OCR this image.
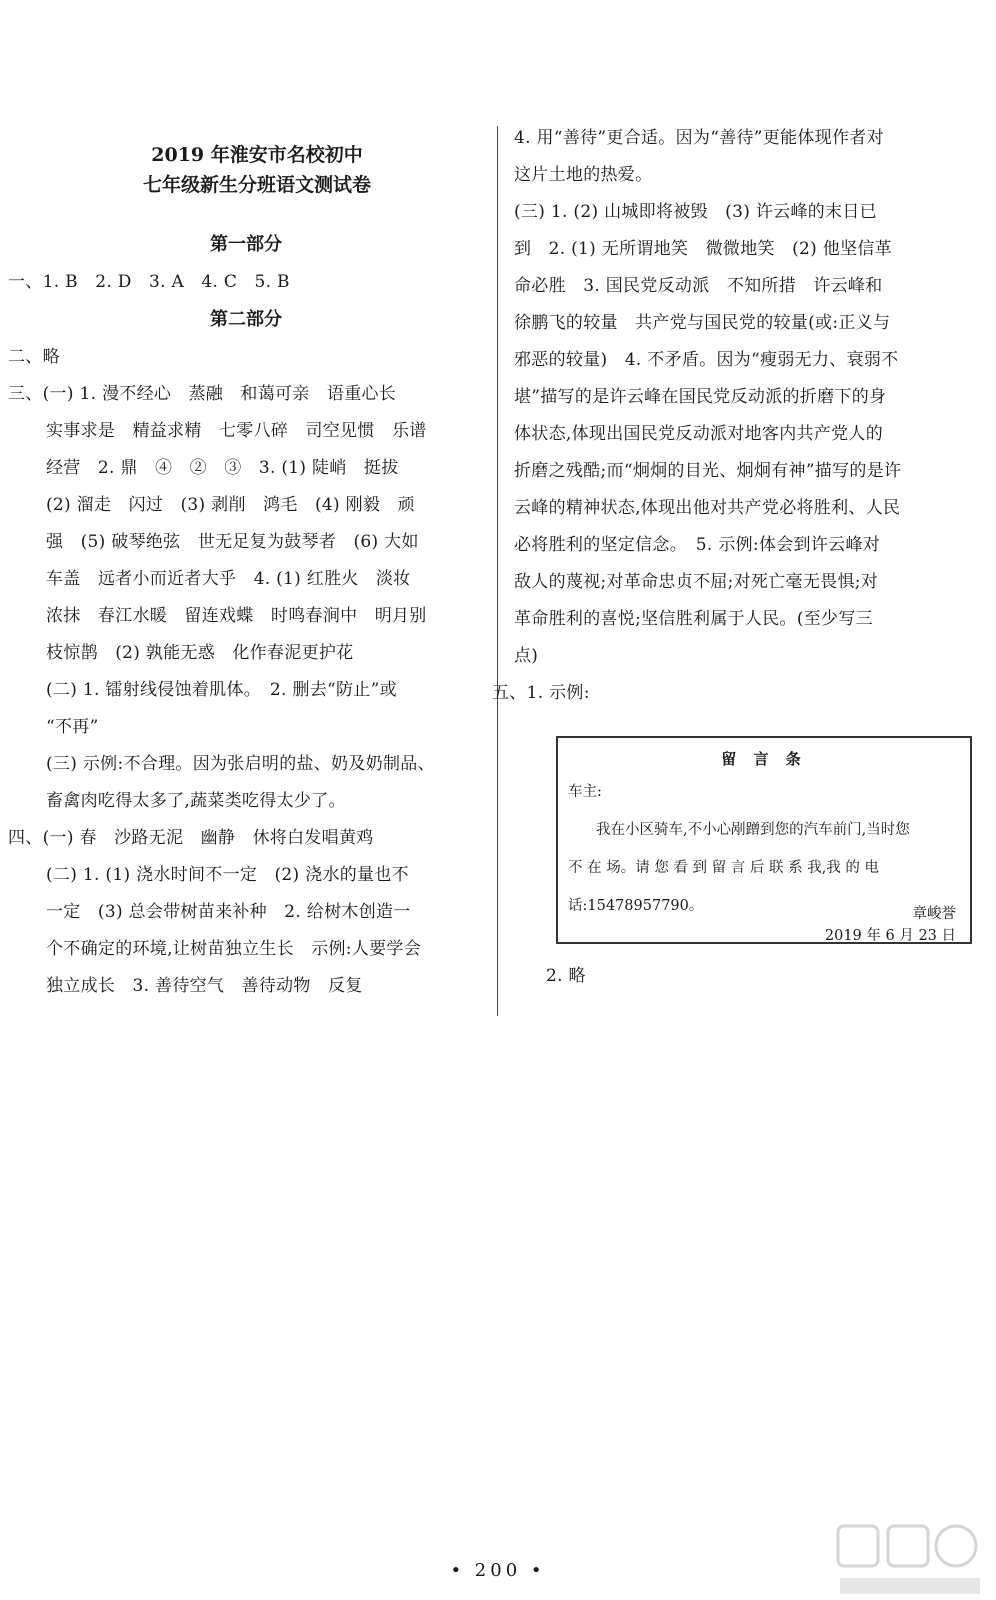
2019 年淮安市名校初中
七年级新生分班语文测试卷
第一部分
一、1. B　2. D　3. A　4. C　5. B
第二部分
二、略
三、(一) 1. 漫不经心　蒸融　和蔼可亲　语重心长
实事求是　精益求精　七零八碎　司空见惯　乐谱
经营　2. 鼎　④　②　③　3. (1) 陡峭　挺拔
(2) 溜走　闪过　(3) 剥削　鸿毛　(4) 刚毅　顽
强　(5) 破琴绝弦　世无足复为鼓琴者　(6) 大如
车盖　远者小而近者大乎　4. (1) 红胜火　淡妆
浓抹　春江水暖　留连戏蝶　时鸣春涧中　明月别
枝惊鹊　(2) 孰能无惑　化作春泥更护花
(二) 1. 镭射线侵蚀着肌体。　2. 删去“防止”或
“不再”
(三) 示例:不合理。因为张启明的盐、奶及奶制品、
畜禽肉吃得太多了,蔬菜类吃得太少了。
四、(一) 春　沙路无泥　幽静　休将白发唱黄鸡
(二) 1. (1) 浇水时间不一定　(2) 浇水的量也不
一定　(3) 总会带树苗来补种　2. 给树木创造一
个不确定的环境,让树苗独立生长　示例:人要学会
独立成长　3. 善待空气　善待动物　反复
4. 用“善待”更合适。因为“善待”更能体现作者对
这片土地的热爱。
(三) 1. (2) 山城即将被毁　(3) 许云峰的末日已
到　2. (1) 无所谓地笑　微微地笑　(2) 他坚信革
命必胜　3. 国民党反动派　不知所措　许云峰和
徐鹏飞的较量　共产党与国民党的较量(或:正义与
邪恶的较量)　4. 不矛盾。因为“瘦弱无力、衰弱不
堪”描写的是许云峰在国民党反动派的折磨下的身
体状态,体现出国民党反动派对地客内共产党人的
折磨之残酷;而“炯炯的目光、炯炯有神”描写的是许
云峰的精神状态,体现出他对共产党必将胜利、人民
必将胜利的坚定信念。　5. 示例:体会到许云峰对
敌人的蔑视;对革命忠贞不屈;对死亡毫无畏惧;对
革命胜利的喜悦;坚信胜利属于人民。(至少写三
点)
五、1. 示例:
留 言 条
车主:
我在小区骑车,不小心剐蹭到您的汽车前门,当时您
不 在 场。请 您 看 到 留 言 后 联 系 我,我 的 电
话:15478957790。	章峻誉
2019 年 6 月 23 日
2. 略
• 200 •
